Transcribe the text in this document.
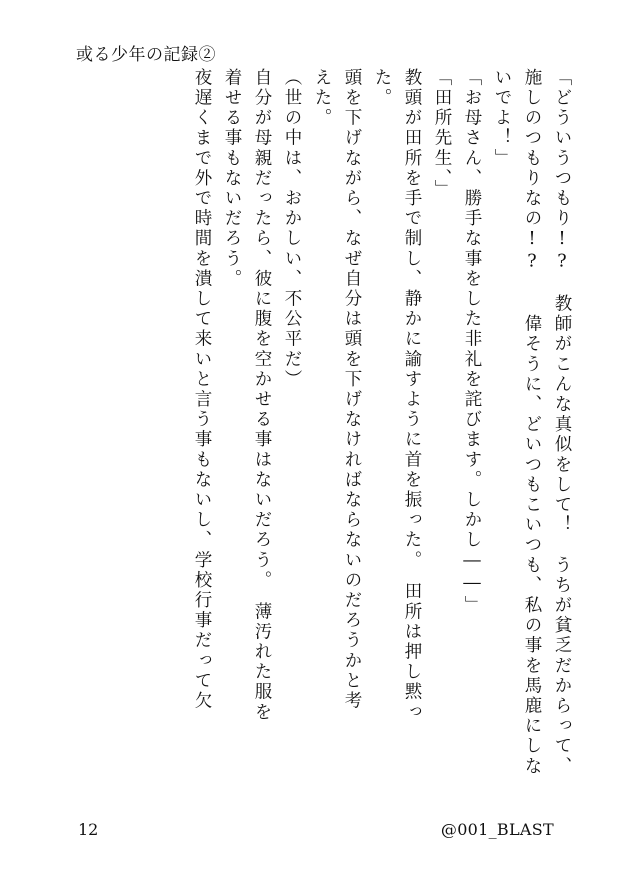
或る少年の記録②
「どういうつもり!?　教師がこんな真似をして！　うちが貧乏だからって、
施しのつもりなの!?　　偉そうに、どいつもこいつも、私の事を馬鹿にしな
いでよ！」
「お母さん、勝手な事をした非礼を詫びます。しかし――」
「田所先生、」
教頭が田所を手で制し、静かに諭すように首を振った。　田所は押し黙っ
た。
頭を下げながら、なぜ自分は頭を下げなければならないのだろうかと考
えた。
（世の中は、おかしい、不公平だ）
自分が母親だったら、彼に腹を空かせる事はないだろう。　薄汚れた服を
着せる事もないだろう。
夜遅くまで外で時間を潰して来いと言う事もないし、学校行事だって欠
12	@001_BLAST
